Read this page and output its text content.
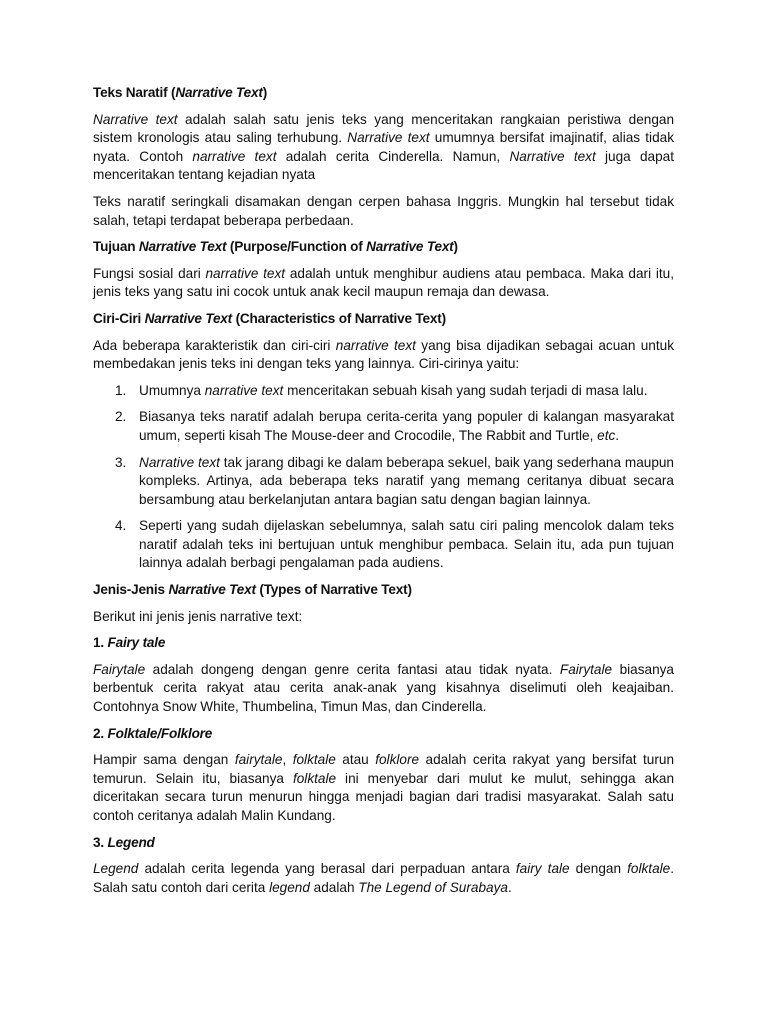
Teks Naratif (Narrative Text)

Narrative text adalah salah satu jenis teks yang menceritakan rangkaian peristiwa dengan sistem kronologis atau saling terhubung. Narrative text umumnya bersifat imajinatif, alias tidak nyata. Contoh narrative text adalah cerita Cinderella. Namun, Narrative text juga dapat menceritakan tentang kejadian nyata

Teks naratif seringkali disamakan dengan cerpen bahasa Inggris. Mungkin hal tersebut tidak salah, tetapi terdapat beberapa perbedaan.

Tujuan Narrative Text (Purpose/Function of Narrative Text)

Fungsi sosial dari narrative text adalah untuk menghibur audiens atau pembaca. Maka dari itu, jenis teks yang satu ini cocok untuk anak kecil maupun remaja dan dewasa.

Ciri-Ciri Narrative Text (Characteristics of Narrative Text)

Ada beberapa karakteristik dan ciri-ciri narrative text yang bisa dijadikan sebagai acuan untuk membedakan jenis teks ini dengan teks yang lainnya. Ciri-cirinya yaitu:

1. Umumnya narrative text menceritakan sebuah kisah yang sudah terjadi di masa lalu.
2. Biasanya teks naratif adalah berupa cerita-cerita yang populer di kalangan masyarakat umum, seperti kisah The Mouse-deer and Crocodile, The Rabbit and Turtle, etc.
3. Narrative text tak jarang dibagi ke dalam beberapa sekuel, baik yang sederhana maupun kompleks. Artinya, ada beberapa teks naratif yang memang ceritanya dibuat secara bersambung atau berkelanjutan antara bagian satu dengan bagian lainnya.
4. Seperti yang sudah dijelaskan sebelumnya, salah satu ciri paling mencolok dalam teks naratif adalah teks ini bertujuan untuk menghibur pembaca. Selain itu, ada pun tujuan lainnya adalah berbagi pengalaman pada audiens.
Jenis-Jenis Narrative Text (Types of Narrative Text)

Berikut ini jenis jenis narrative text:

1. Fairy tale

Fairytale adalah dongeng dengan genre cerita fantasi atau tidak nyata. Fairytale biasanya berbentuk cerita rakyat atau cerita anak-anak yang kisahnya diselimuti oleh keajaiban. Contohnya Snow White, Thumbelina, Timun Mas, dan Cinderella.

2. Folktale/Folklore

Hampir sama dengan fairytale, folktale atau folklore adalah cerita rakyat yang bersifat turun temurun. Selain itu, biasanya folktale ini menyebar dari mulut ke mulut, sehingga akan diceritakan secara turun menurun hingga menjadi bagian dari tradisi masyarakat. Salah satu contoh ceritanya adalah Malin Kundang.

3. Legend

Legend adalah cerita legenda yang berasal dari perpaduan antara fairy tale dengan folktale. Salah satu contoh dari cerita legend adalah The Legend of Surabaya.
